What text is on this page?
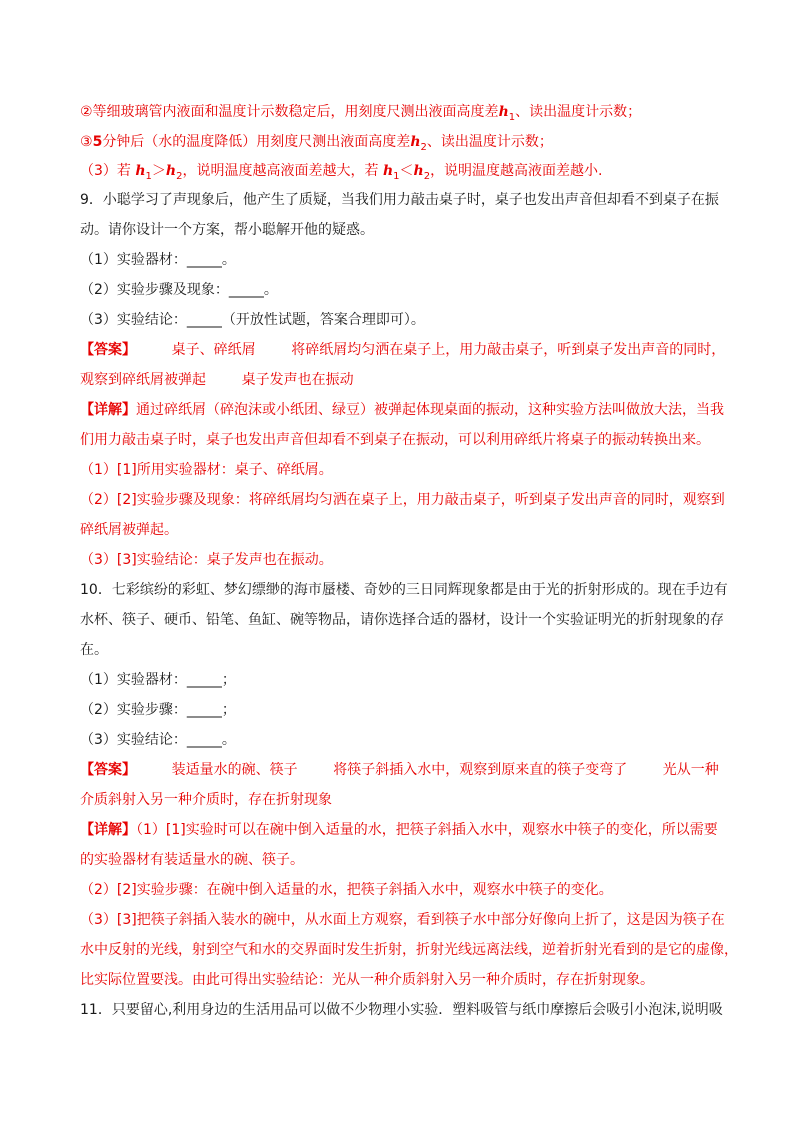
②等细玻璃管内液面和温度计示数稳定后，用刻度尺测出液面高度差$h_1$、读出温度计示数；
③5分钟后（水的温度降低）用刻度尺测出液面高度差$h_2$、读出温度计示数；
（3）若 $h_1>h_2$，说明温度越高液面差越大，若 $h_1<h_2$，说明温度越高液面差越小.
9．小聪学习了声现象后，他产生了质疑，当我们用力敲击桌子时，桌子也发出声音但却看不到桌子在振
动。请你设计一个方案，帮小聪解开他的疑惑。
（1）实验器材：_____。
（2）实验步骤及现象：_____。
（3）实验结论：_____（开放性试题，答案合理即可）。
【答案】        桌子、碎纸屑        将碎纸屑均匀洒在桌子上，用力敲击桌子，听到桌子发出声音的同时，
观察到碎纸屑被弹起        桌子发声也在振动
【详解】通过碎纸屑（碎泡沫或小纸团、绿豆）被弹起体现桌面的振动，这种实验方法叫做放大法，当我
们用力敲击桌子时，桌子也发出声音但却看不到桌子在振动，可以利用碎纸片将桌子的振动转换出来。
（1）[1]所用实验器材：桌子、碎纸屑。
（2）[2]实验步骤及现象：将碎纸屑均匀洒在桌子上，用力敲击桌子，听到桌子发出声音的同时，观察到
碎纸屑被弹起。
（3）[3]实验结论：桌子发声也在振动。
10．七彩缤纷的彩虹、梦幻缥缈的海市蜃楼、奇妙的三日同辉现象都是由于光的折射形成的。现在手边有
水杯、筷子、硬币、铅笔、鱼缸、碗等物品，请你选择合适的器材，设计一个实验证明光的折射现象的存
在。
（1）实验器材：_____；
（2）实验步骤：_____；
（3）实验结论：_____。
【答案】        装适量水的碗、筷子        将筷子斜插入水中，观察到原来直的筷子变弯了        光从一种
介质斜射入另一种介质时，存在折射现象
【详解】（1）[1]实验时可以在碗中倒入适量的水，把筷子斜插入水中，观察水中筷子的变化，所以需要
的实验器材有装适量水的碗、筷子。
（2）[2]实验步骤：在碗中倒入适量的水，把筷子斜插入水中，观察水中筷子的变化。
（3）[3]把筷子斜插入装水的碗中，从水面上方观察，看到筷子水中部分好像向上折了，这是因为筷子在
水中反射的光线，射到空气和水的交界面时发生折射，折射光线远离法线，逆着折射光看到的是它的虚像，
比实际位置要浅。由此可得出实验结论：光从一种介质斜射入另一种介质时，存在折射现象。
11．只要留心,利用身边的生活用品可以做不少物理小实验．塑料吸管与纸巾摩擦后会吸引小泡沫,说明吸
